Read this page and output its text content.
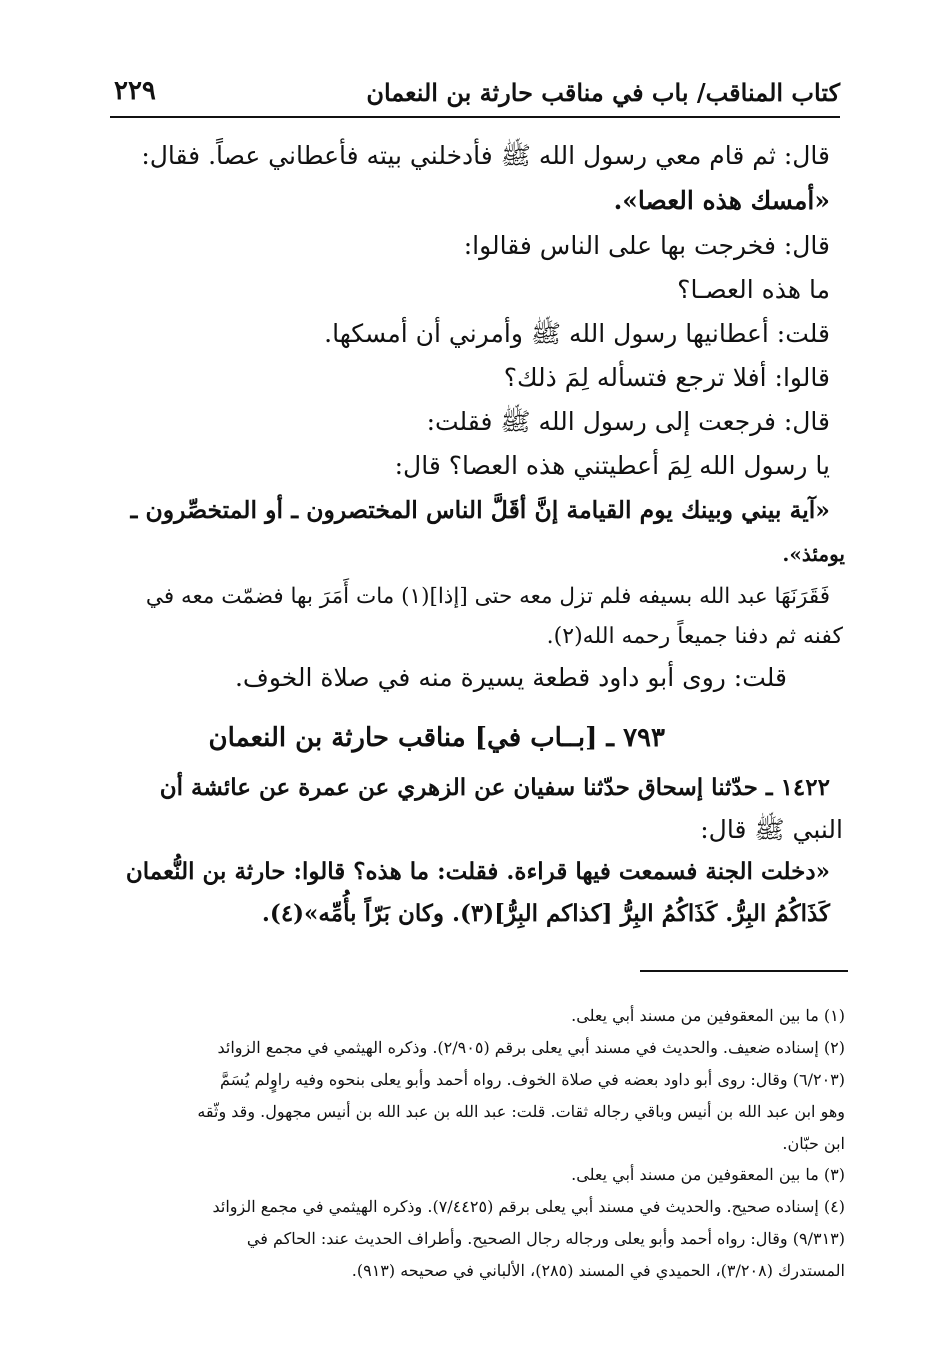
كتاب المناقب/ باب في مناقب حارثة بن النعمان
٢٢٩
قال: ثم قام معي رسول الله ﷺ فأدخلني بيته فأعطاني عصاً. فقال:
«أمسك هذه العصا».
قال: فخرجت بها على الناس فقالوا:
ما هذه العصـا؟
قلت: أعطانيها رسول الله ﷺ وأمرني أن أمسكها.
قالوا: أفلا ترجع فتسأله لِمَ ذلك؟
قال: فرجعت إلى رسول الله ﷺ فقلت:
يا رسول الله لِمَ أعطيتني هذه العصا؟ قال:
«آية بيني وبينك يوم القيامة إنَّ أقَلَّ الناس المختصرون ـ أو المتخصِّرون ـ
يومئذ».
فَقَرَنَهَا عبد الله بسيفه فلم تزل معه حتى [إذا](١) مات أَمَرَ بها فضمّت معه في
كفنه ثم دفنا جميعاً رحمه الله(٢).
قلت: روى أبو داود قطعة يسيرة منه في صلاة الخوف.
٧٩٣ ـ [بــاب في] مناقب حارثة بن النعمان
١٤٢٢ ـ حدّثنا إسحاق حدّثنا سفيان عن الزهري عن عمرة عن عائشة أن
النبي ﷺ قال:
«دخلت الجنة فسمعت فيها قراءة. فقلت: ما هذه؟ قالوا: حارثة بن النُّعمان
كَذَاكُمُ البِرُّ. كَذَاكُمُ البِرُّ [كذاكم البِرُّ](٣). وكان بَرّاً بأُمِّه»(٤).
(١) ما بين المعقوفين من مسند أبي يعلى.
(٢) إسناده ضعيف. والحديث في مسند أبي يعلى برقم (٢/٩٠٥). وذكره الهيثمي في مجمع الزوائد
(٦/٢٠٣) وقال: روى أبو داود بعضه في صلاة الخوف. رواه أحمد وأبو يعلى بنحوه وفيه راوٍلم يُسَمَّ
وهو ابن عبد الله بن أنيس وباقي رجاله ثقات. قلت: عبد الله بن عبد الله بن أنيس مجهول. وقد وثّقه
ابن حبّان.
(٣) ما بين المعقوفين من مسند أبي يعلى.
(٤) إسناده صحيح. والحديث في مسند أبي يعلى برقم (٧/٤٤٢٥). وذكره الهيثمي في مجمع الزوائد
(٩/٣١٣) وقال: رواه أحمد وأبو يعلى ورجاله رجال الصحيح. وأطراف الحديث عند: الحاكم في
المستدرك (٣/٢٠٨)، الحميدي في المسند (٢٨٥)، الألباني في صحيحه (٩١٣).
